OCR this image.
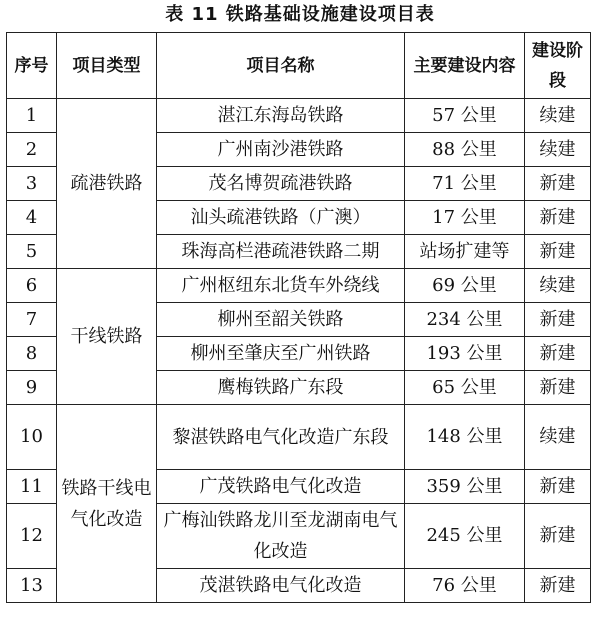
表 11 铁路基础设施建设项目表
序号	项目类型	项目名称	主要建设内容	建设阶段
1	疏港铁路	湛江东海岛铁路	57 公里	续建
2		广州南沙港铁路	88 公里	续建
3		茂名博贺疏港铁路	71 公里	新建
4		汕头疏港铁路（广澳）	17 公里	新建
5		珠海高栏港疏港铁路二期	站场扩建等	新建
6	干线铁路	广州枢纽东北货车外绕线	69 公里	续建
7		柳州至韶关铁路	234 公里	新建
8		柳州至肇庆至广州铁路	193 公里	新建
9		鹰梅铁路广东段	65 公里	新建
10	铁路干线电气化改造	黎湛铁路电气化改造广东段	148 公里	续建
11		广茂铁路电气化改造	359 公里	新建
12		广梅汕铁路龙川至龙湖南电气化改造	245 公里	新建
13		茂湛铁路电气化改造	76 公里	新建
